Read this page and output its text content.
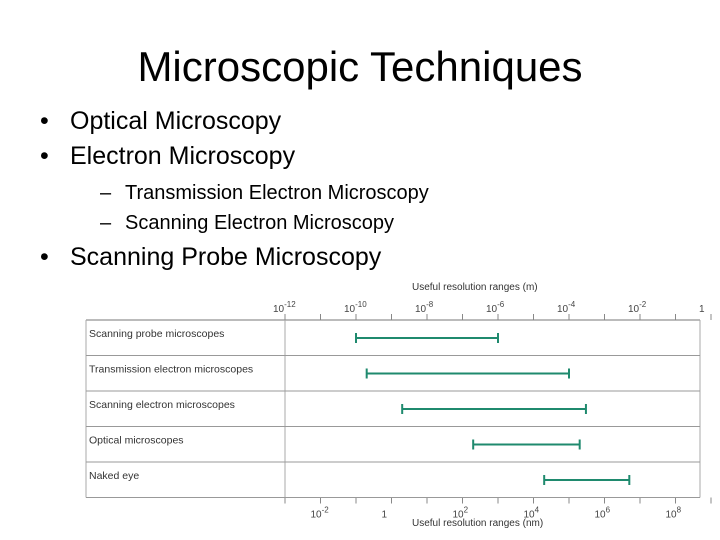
Microscopic Techniques
• Optical Microscopy
• Electron Microscopy
– Transmission Electron Microscopy
– Scanning Electron Microscopy
• Scanning Probe Microscopy
Useful resolution ranges (m)
$10^{-12}$	$10^{-10}$	$10^{-8}$	$10^{-6}$	$10^{-4}$	$10^{-2}$	1
Scanning probe microscopes
Transmission electron microscopes
Scanning electron microscopes
Optical microscopes
Naked eye
$10^{-2}$	1	$10^2$	$10^4$	$10^6$	$10^8$
Useful resolution ranges (nm)
